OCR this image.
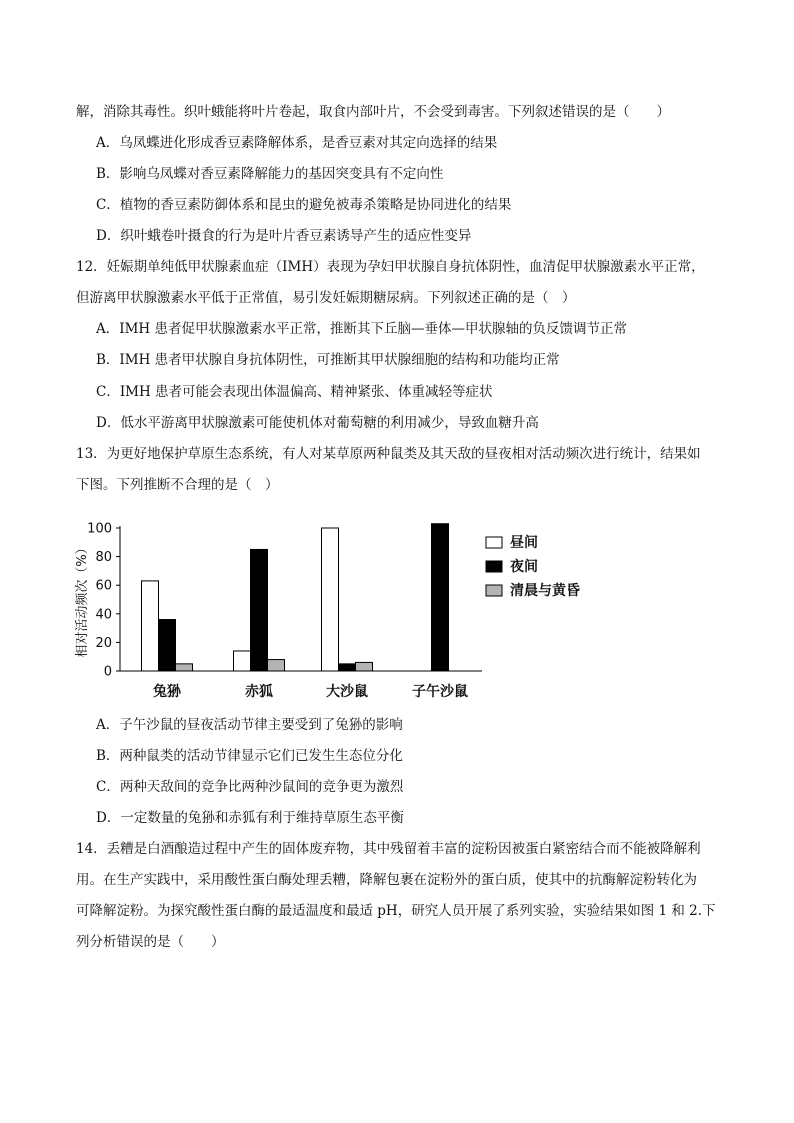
解，消除其毒性。织叶蛾能将叶片卷起，取食内部叶片，不会受到毒害。下列叙述错误的是（　　）
A．乌凤蝶进化形成香豆素降解体系，是香豆素对其定向选择的结果
B．影响乌凤蝶对香豆素降解能力的基因突变具有不定向性
C．植物的香豆素防御体系和昆虫的避免被毒杀策略是协同进化的结果
D．织叶蛾卷叶摄食的行为是叶片香豆素诱导产生的适应性变异
12．妊娠期单纯低甲状腺素血症（IMH）表现为孕妇甲状腺自身抗体阴性，血清促甲状腺激素水平正常，
但游离甲状腺激素水平低于正常值，易引发妊娠期糖尿病。下列叙述正确的是（　）
A．IMH 患者促甲状腺激素水平正常，推断其下丘脑—垂体—甲状腺轴的负反馈调节正常
B．IMH 患者甲状腺自身抗体阴性，可推断其甲状腺细胞的结构和功能均正常
C．IMH 患者可能会表现出体温偏高、精神紧张、体重减轻等症状
D．低水平游离甲状腺激素可能使机体对葡萄糖的利用减少，导致血糖升高
13．为更好地保护草原生态系统，有人对某草原两种鼠类及其天敌的昼夜相对活动频次进行统计，结果如
下图。下列推断不合理的是（　）
0
20
40
60
80
100
相对活动频次（%）
兔狲	赤狐	大沙鼠	子午沙鼠
昼间
夜间
清晨与黄昏
A．子午沙鼠的昼夜活动节律主要受到了兔狲的影响
B．两种鼠类的活动节律显示它们已发生生态位分化
C．两种天敌间的竞争比两种沙鼠间的竞争更为激烈
D．一定数量的兔狲和赤狐有利于维持草原生态平衡
14．丢糟是白酒酿造过程中产生的固体废弃物，其中残留着丰富的淀粉因被蛋白紧密结合而不能被降解利
用。在生产实践中，采用酸性蛋白酶处理丢糟，降解包裹在淀粉外的蛋白质，使其中的抗酶解淀粉转化为
可降解淀粉。为探究酸性蛋白酶的最适温度和最适 pH，研究人员开展了系列实验，实验结果如图 1 和 2.下
列分析错误的是（　　）
